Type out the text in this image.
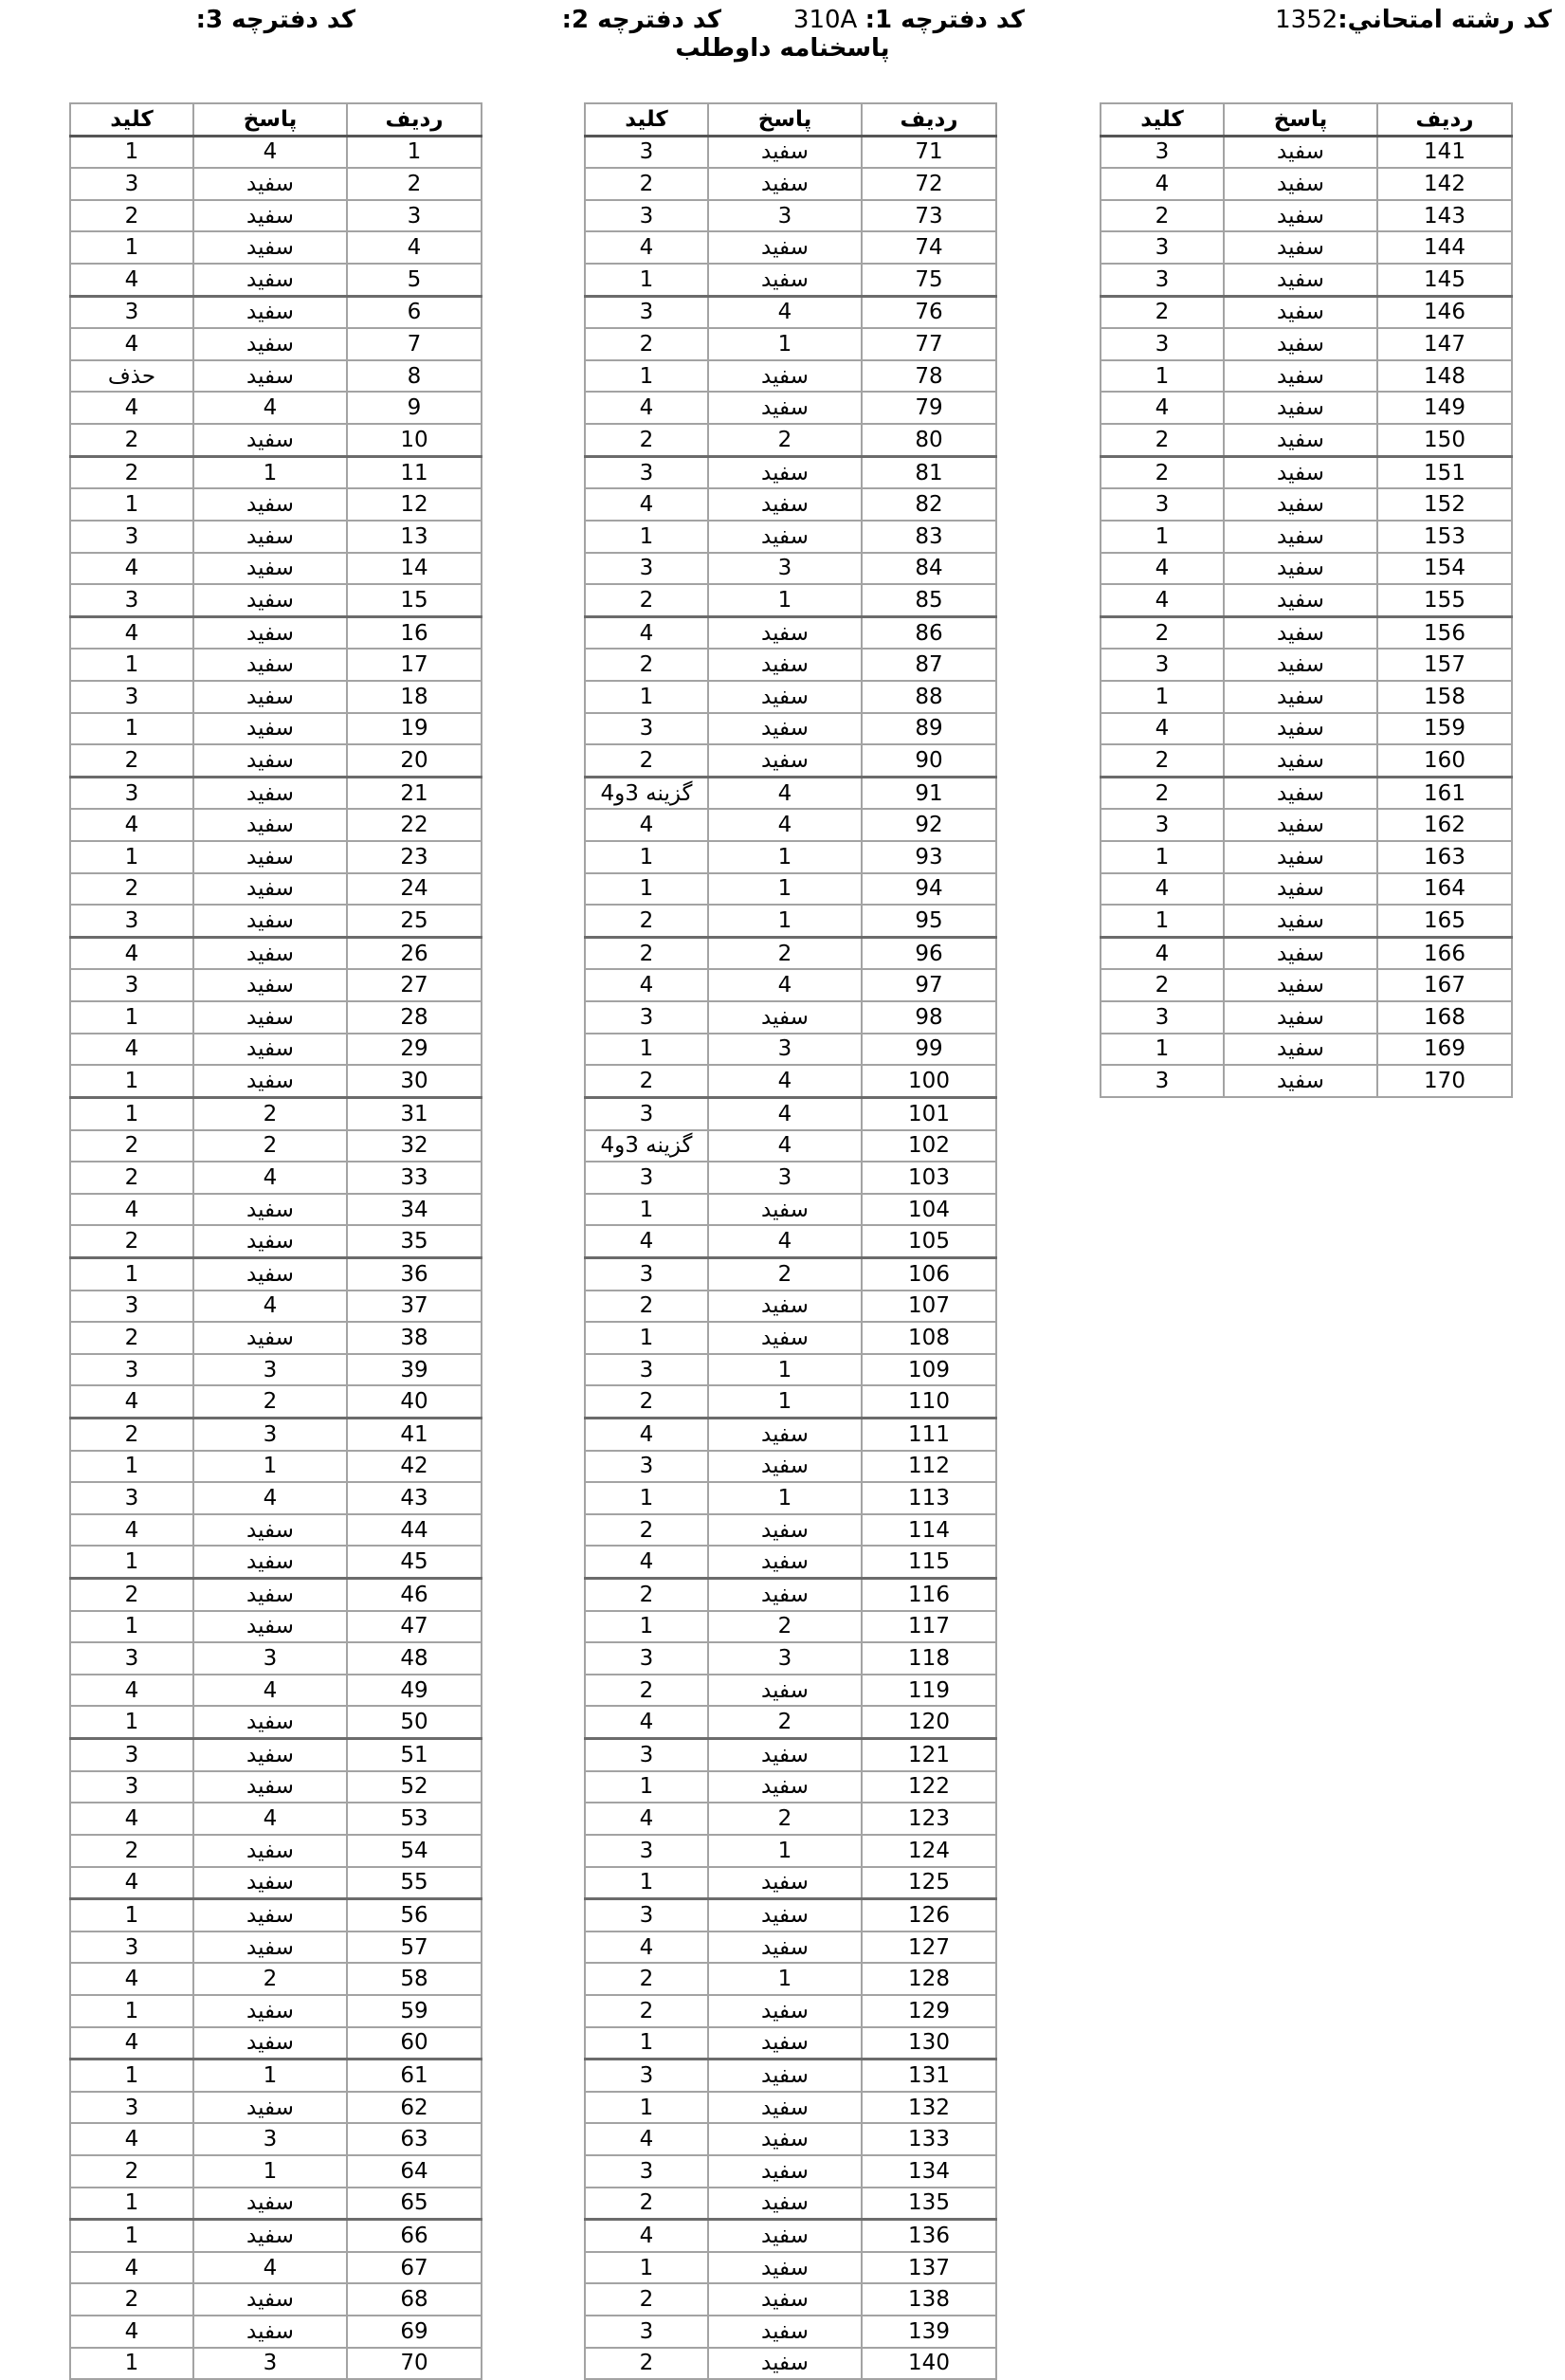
کد رشته امتحاني:1352
کد دفترچه 1: 310A
کد دفترچه 2:
کد دفترچه 3:
پاسخنامه داوطلب
ردیف	پاسخ	کلید
1	4	1
2	سفید	3
3	سفید	2
4	سفید	1
5	سفید	4
6	سفید	3
7	سفید	4
8	سفید	حذف
9	4	4
10	سفید	2
11	1	2
12	سفید	1
13	سفید	3
14	سفید	4
15	سفید	3
16	سفید	4
17	سفید	1
18	سفید	3
19	سفید	1
20	سفید	2
21	سفید	3
22	سفید	4
23	سفید	1
24	سفید	2
25	سفید	3
26	سفید	4
27	سفید	3
28	سفید	1
29	سفید	4
30	سفید	1
31	2	1
32	2	2
33	4	2
34	سفید	4
35	سفید	2
36	سفید	1
37	4	3
38	سفید	2
39	3	3
40	2	4
41	3	2
42	1	1
43	4	3
44	سفید	4
45	سفید	1
46	سفید	2
47	سفید	1
48	3	3
49	4	4
50	سفید	1
51	سفید	3
52	سفید	3
53	4	4
54	سفید	2
55	سفید	4
56	سفید	1
57	سفید	3
58	2	4
59	سفید	1
60	سفید	4
61	1	1
62	سفید	3
63	3	4
64	1	2
65	سفید	1
66	سفید	1
67	4	4
68	سفید	2
69	سفید	4
70	3	1
ردیف	پاسخ	کلید
71	سفید	3
72	سفید	2
73	3	3
74	سفید	4
75	سفید	1
76	4	3
77	1	2
78	سفید	1
79	سفید	4
80	2	2
81	سفید	3
82	سفید	4
83	سفید	1
84	3	3
85	1	2
86	سفید	4
87	سفید	2
88	سفید	1
89	سفید	3
90	سفید	2
91	4	گزینه 3و4
92	4	4
93	1	1
94	1	1
95	1	2
96	2	2
97	4	4
98	سفید	3
99	3	1
100	4	2
101	4	3
102	4	گزینه 3و4
103	3	3
104	سفید	1
105	4	4
106	2	3
107	سفید	2
108	سفید	1
109	1	3
110	1	2
111	سفید	4
112	سفید	3
113	1	1
114	سفید	2
115	سفید	4
116	سفید	2
117	2	1
118	3	3
119	سفید	2
120	2	4
121	سفید	3
122	سفید	1
123	2	4
124	1	3
125	سفید	1
126	سفید	3
127	سفید	4
128	1	2
129	سفید	2
130	سفید	1
131	سفید	3
132	سفید	1
133	سفید	4
134	سفید	3
135	سفید	2
136	سفید	4
137	سفید	1
138	سفید	2
139	سفید	3
140	سفید	2
ردیف	پاسخ	کلید
141	سفید	3
142	سفید	4
143	سفید	2
144	سفید	3
145	سفید	3
146	سفید	2
147	سفید	3
148	سفید	1
149	سفید	4
150	سفید	2
151	سفید	2
152	سفید	3
153	سفید	1
154	سفید	4
155	سفید	4
156	سفید	2
157	سفید	3
158	سفید	1
159	سفید	4
160	سفید	2
161	سفید	2
162	سفید	3
163	سفید	1
164	سفید	4
165	سفید	1
166	سفید	4
167	سفید	2
168	سفید	3
169	سفید	1
170	سفید	3
